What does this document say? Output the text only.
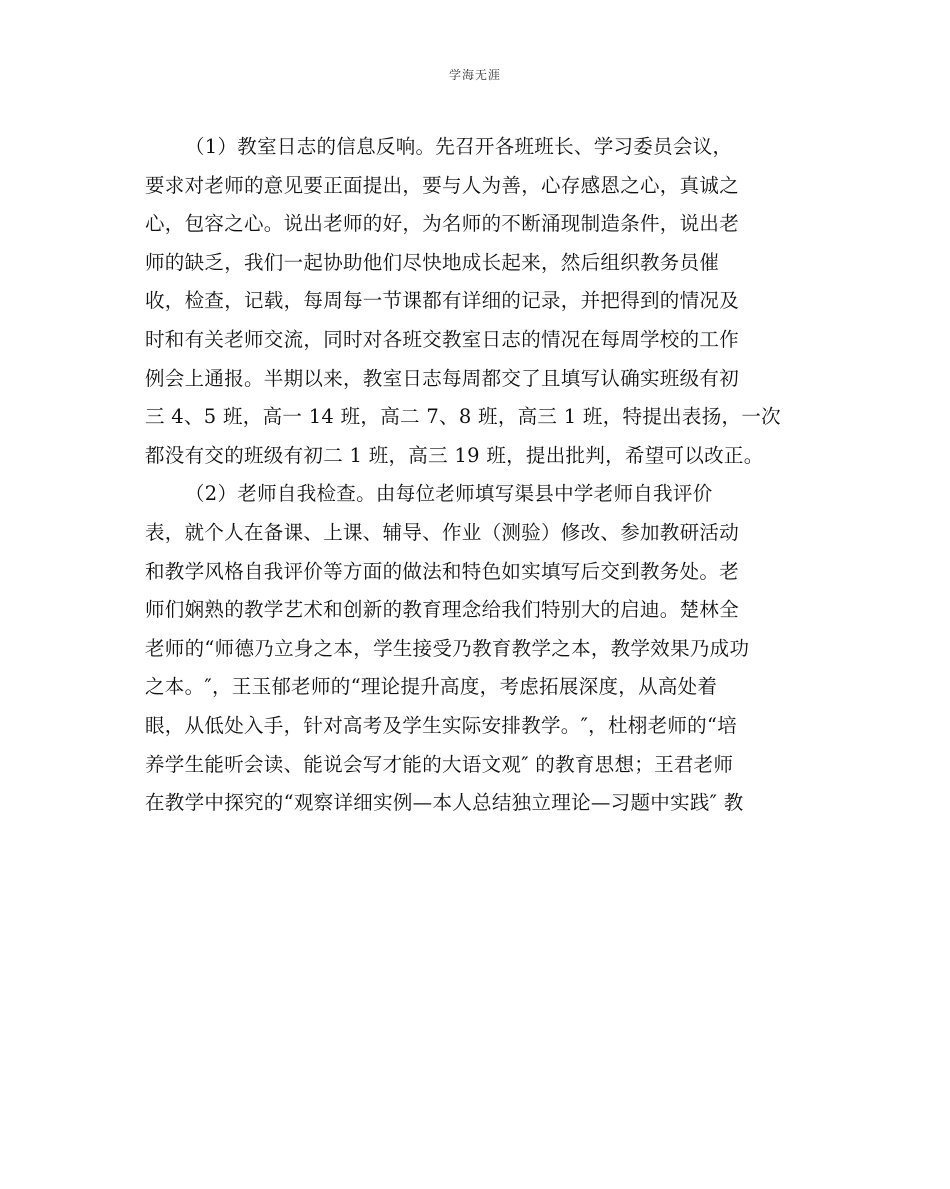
学海无涯
（1）教室日志的信息反响。先召开各班班长、学习委员会议，
要求对老师的意见要正面提出，要与人为善，心存感恩之心，真诚之
心，包容之心。说出老师的好，为名师的不断涌现制造条件，说出老
师的缺乏，我们一起协助他们尽快地成长起来，然后组织教务员催
收，检查，记载，每周每一节课都有详细的记录，并把得到的情况及
时和有关老师交流，同时对各班交教室日志的情况在每周学校的工作
例会上通报。半期以来，教室日志每周都交了且填写认确实班级有初
三 4、5 班，高一 14 班，高二 7、8 班，高三 1 班，特提出表扬，一次
都没有交的班级有初二 1 班，高三 19 班，提出批判，希望可以改正。
（2）老师自我检查。由每位老师填写渠县中学老师自我评价
表，就个人在备课、上课、辅导、作业（测验）修改、参加教研活动
和教学风格自我评价等方面的做法和特色如实填写后交到教务处。老
师们娴熟的教学艺术和创新的教育理念给我们特别大的启迪。楚林全
老师的“师德乃立身之本，学生接受乃教育教学之本，教学效果乃成功
之本。″，王玉郁老师的“理论提升高度，考虑拓展深度，从高处着
眼，从低处入手，针对高考及学生实际安排教学。″，杜栩老师的“培
养学生能听会读、能说会写才能的大语文观″ 的教育思想；王君老师
在教学中探究的“观察详细实例—本人总结独立理论—习题中实践″ 教
